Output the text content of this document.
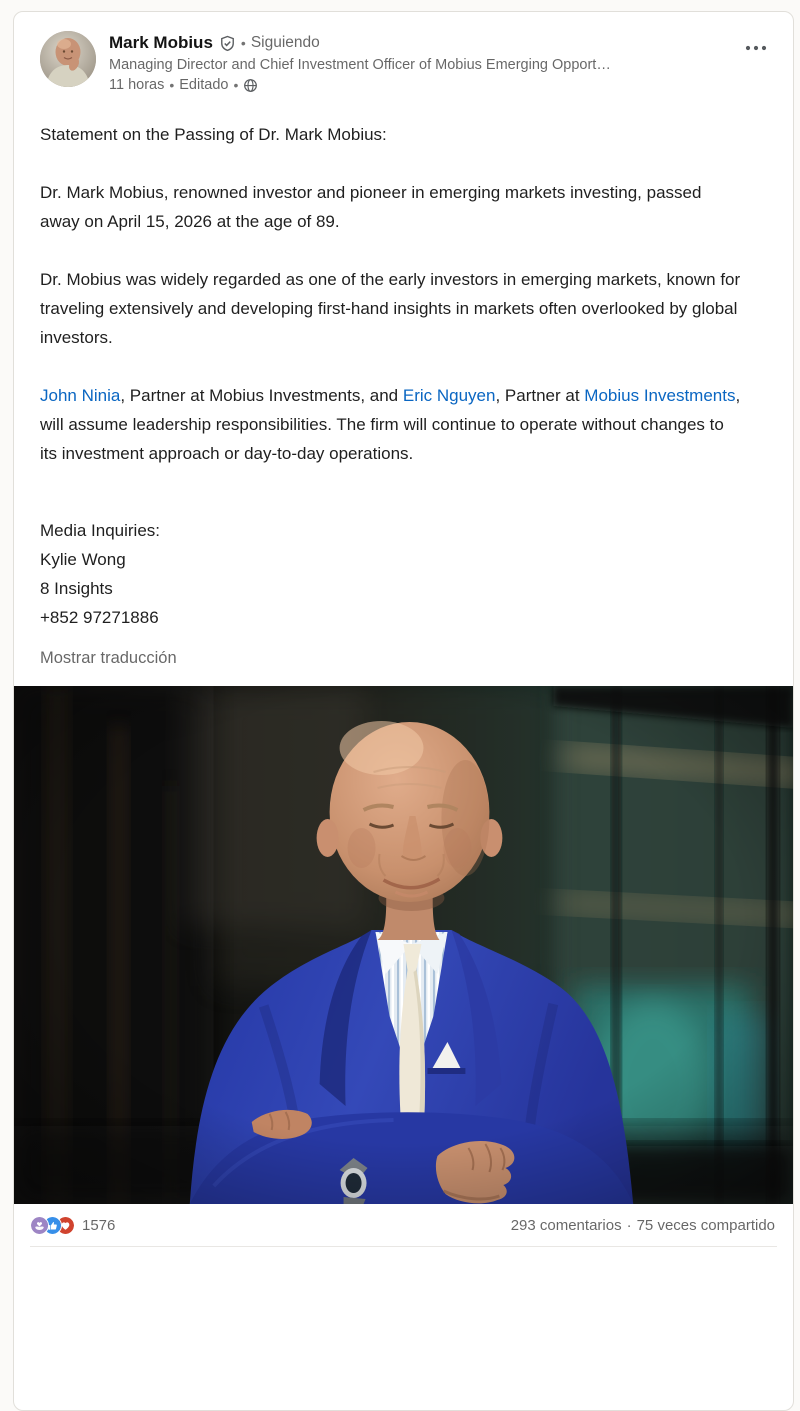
Mark Mobius • Siguiendo
Managing Director and Chief Investment Officer of Mobius Emerging Opport…
11 horas • Editado •

Statement on the Passing of Dr. Mark Mobius:

Dr. Mark Mobius, renowned investor and pioneer in emerging markets investing, passed away on April 15, 2026 at the age of 89.

Dr. Mobius was widely regarded as one of the early investors in emerging markets, known for traveling extensively and developing first-hand insights in markets often overlooked by global investors.

John Ninia, Partner at Mobius Investments, and Eric Nguyen, Partner at Mobius Investments, will assume leadership responsibilities. The firm will continue to operate without changes to its investment approach or day-to-day operations.

Media Inquiries:

Kylie Wong

8 Insights

+852 97271886

Mostrar traducción
1576	293 comentarios · 75 veces compartido
